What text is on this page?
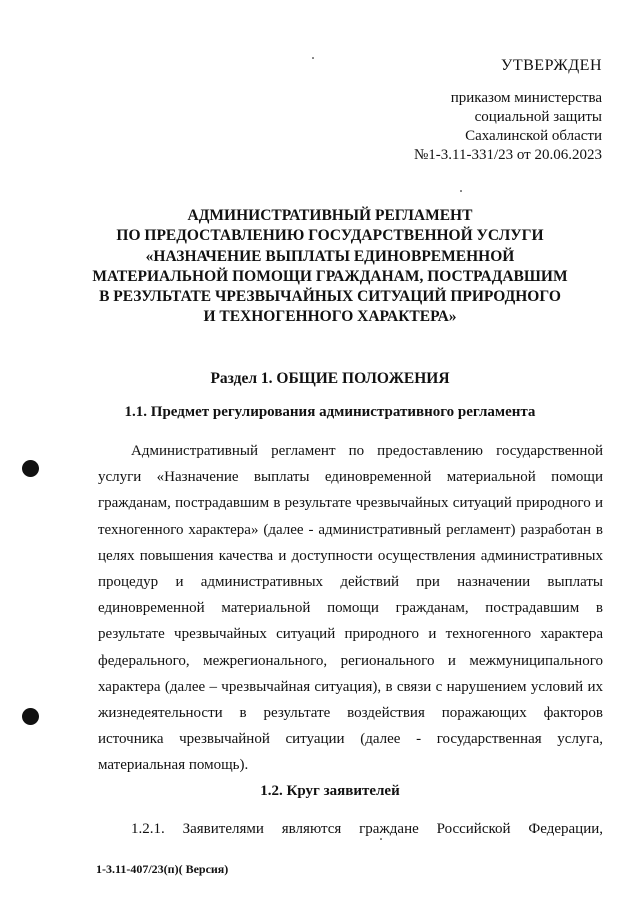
УТВЕРЖДЕН
приказом министерства
социальной защиты
Сахалинской области
№1-3.11-331/23 от 20.06.2023
АДМИНИСТРАТИВНЫЙ РЕГЛАМЕНТ
ПО ПРЕДОСТАВЛЕНИЮ ГОСУДАРСТВЕННОЙ УСЛУГИ
«НАЗНАЧЕНИЕ ВЫПЛАТЫ ЕДИНОВРЕМЕННОЙ
МАТЕРИАЛЬНОЙ ПОМОЩИ ГРАЖДАНАМ, ПОСТРАДАВШИМ
В РЕЗУЛЬТАТЕ ЧРЕЗВЫЧАЙНЫХ СИТУАЦИЙ ПРИРОДНОГО
И ТЕХНОГЕННОГО ХАРАКТЕРА»
Раздел 1. ОБЩИЕ ПОЛОЖЕНИЯ
1.1. Предмет регулирования административного регламента

Административный регламент по предоставлению государственной услуги «Назначение выплаты единовременной материальной помощи гражданам, пострадавшим в результате чрезвычайных ситуаций природного и техногенного характера» (далее - административный регламент) разработан в целях повышения качества и доступности осуществления административных процедур и административных действий при назначении выплаты единовременной материальной помощи гражданам, пострадавшим в результате чрезвычайных ситуаций природного и техногенного характера федерального, межрегионального, регионального и межмуниципального характера (далее – чрезвычайная ситуация), в связи с нарушением условий их жизнедеятельности в результате воздействия поражающих факторов источника чрезвычайной ситуации (далее - государственная услуга, материальная помощь).

1.2. Круг заявителей

1.2.1. Заявителями являются граждане Российской Федерации,

1-3.11-407/23(п)( Версия)
